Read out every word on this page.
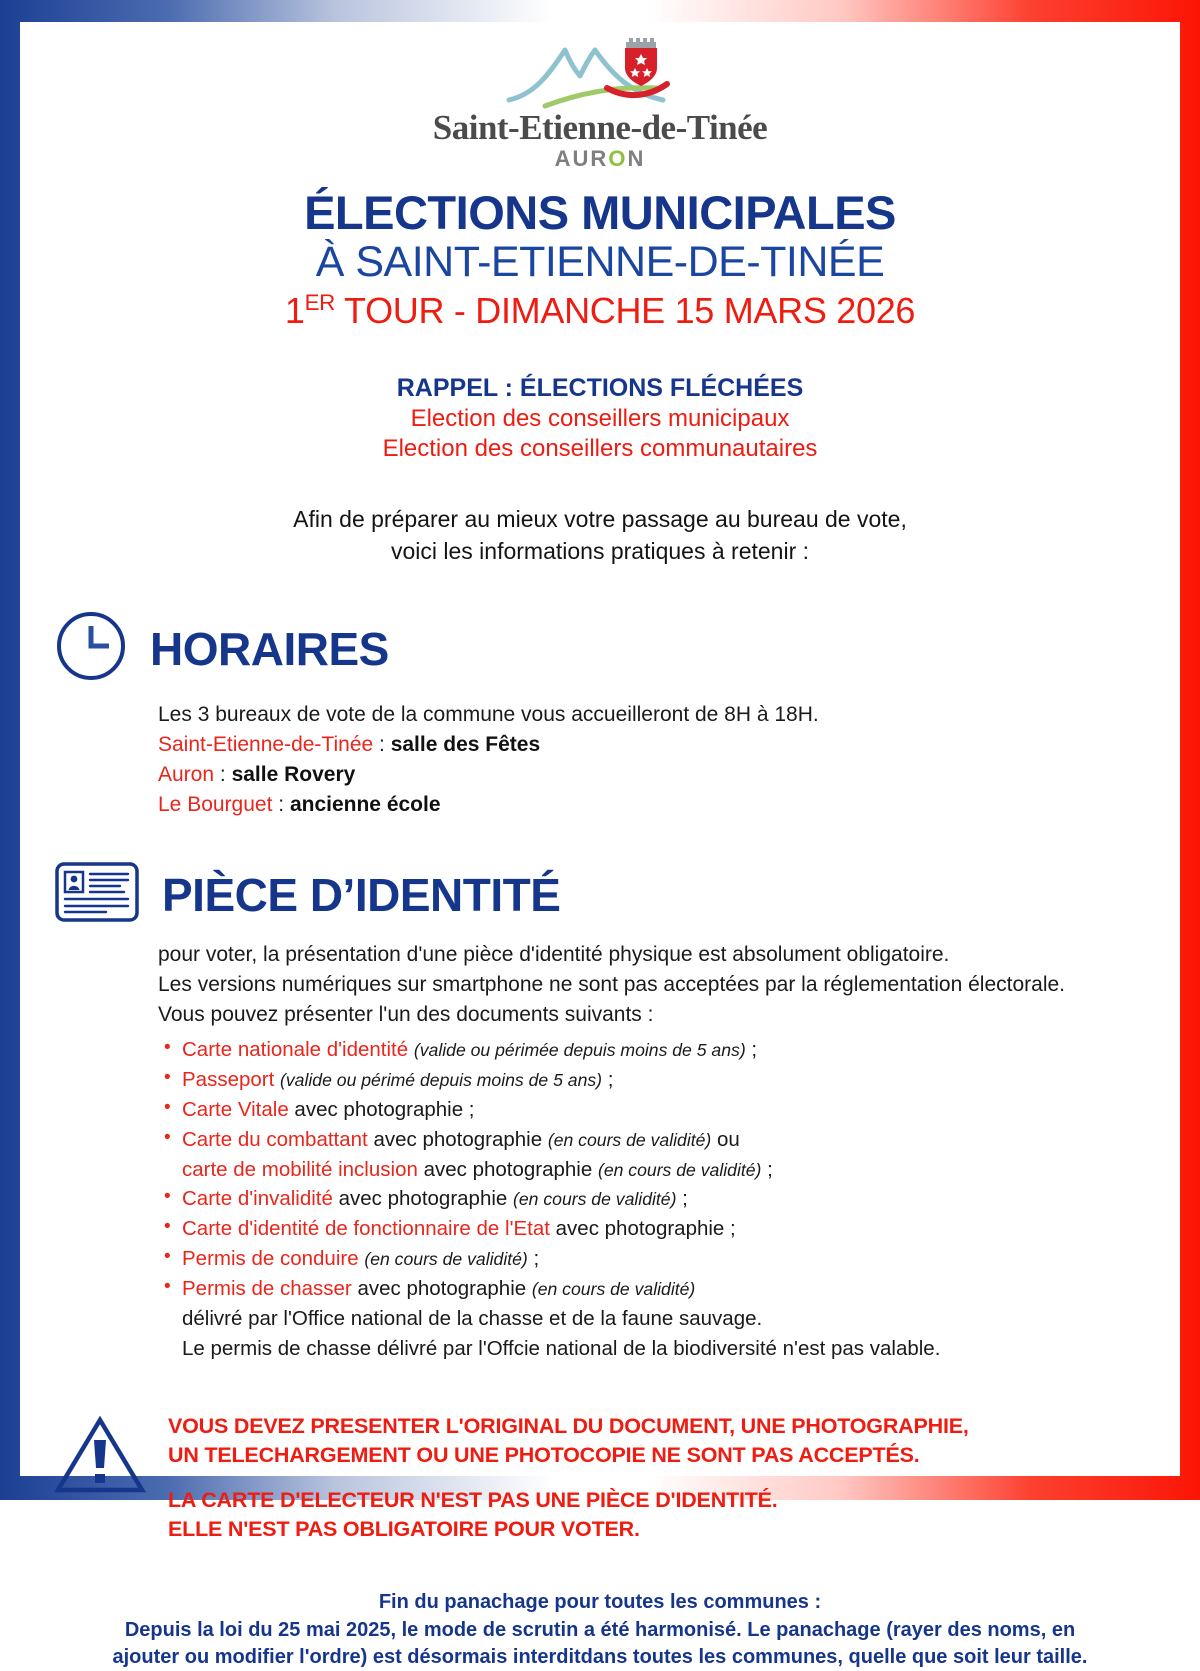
Saint-Etienne-de-Tinée
AURON
ÉLECTIONS MUNICIPALES
À SAINT-ETIENNE-DE-TINÉE
1ER TOUR - DIMANCHE 15 MARS 2026
RAPPEL : ÉLECTIONS FLÉCHÉES
Election des conseillers municipaux
Election des conseillers communautaires
Afin de préparer au mieux votre passage au bureau de vote,
voici les informations pratiques à retenir :
HORAIRES
Les 3 bureaux de vote de la commune vous accueilleront de 8H à 18H.
Saint-Etienne-de-Tinée : salle des Fêtes
Auron : salle Rovery
Le Bourguet : ancienne école
PIÈCE D’IDENTITÉ
pour voter, la présentation d'une pièce d'identité physique est absolument obligatoire.
Les versions numériques sur smartphone ne sont pas acceptées par la réglementation électorale.
Vous pouvez présenter l'un des documents suivants :
• Carte nationale d'identité (valide ou périmée depuis moins de 5 ans) ;
• Passeport (valide ou périmé depuis moins de 5 ans) ;
• Carte Vitale avec photographie ;
• Carte du combattant avec photographie (en cours de validité) ou
carte de mobilité inclusion avec photographie (en cours de validité) ;
• Carte d'invalidité avec photographie (en cours de validité) ;
• Carte d'identité de fonctionnaire de l'Etat avec photographie ;
• Permis de conduire (en cours de validité) ;
• Permis de chasser avec photographie (en cours de validité)
délivré par l'Office national de la chasse et de la faune sauvage.
Le permis de chasse délivré par l'Offcie national de la biodiversité n'est pas valable.
VOUS DEVEZ PRESENTER L'ORIGINAL DU DOCUMENT, UNE PHOTOGRAPHIE,
UN TELECHARGEMENT OU UNE PHOTOCOPIE NE SONT PAS ACCEPTÉS.
LA CARTE D'ELECTEUR N'EST PAS UNE PIÈCE D'IDENTITÉ.
ELLE N'EST PAS OBLIGATOIRE POUR VOTER.
Fin du panachage pour toutes les communes :
Depuis la loi du 25 mai 2025, le mode de scrutin a été harmonisé. Le panachage (rayer des noms, en
ajouter ou modifier l'ordre) est désormais interditdans toutes les communes, quelle que soit leur taille.
